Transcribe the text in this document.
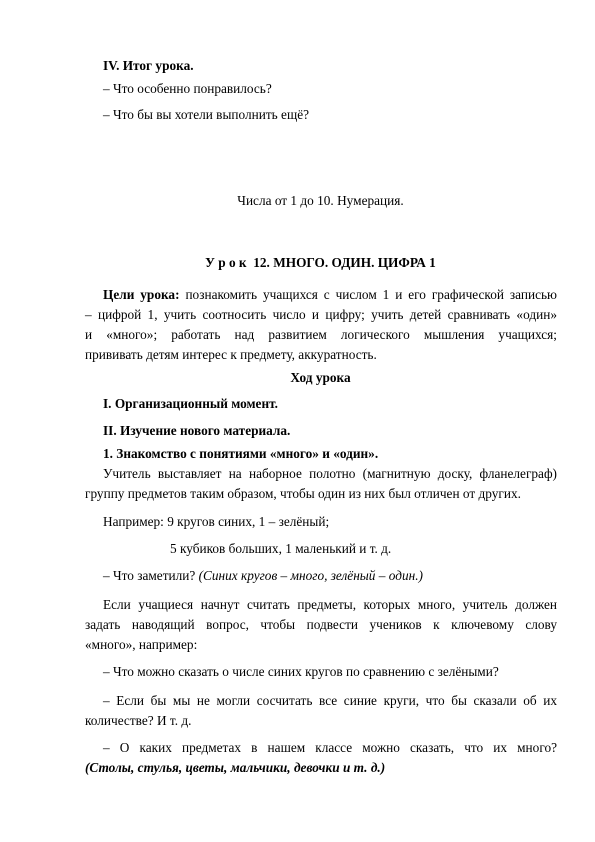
IV. Итог урока.
– Что особенно понравилось?
– Что бы вы хотели выполнить ещё?
Числа от 1 до 10. Нумерация.
У р о к 12. МНОГО. ОДИН. ЦИФРА 1
Цели урока: познакомить учащихся с числом 1 и его графической записью
– цифрой 1, учить соотносить число и цифру; учить детей сравнивать «один»
и «много»; работать над развитием логического мышления учащихся;
прививать детям интерес к предмету, аккуратность.
Ход урока
I. Организационный момент.
II. Изучение нового материала.
1. Знакомство с понятиями «много» и «один».
Учитель выставляет на наборное полотно (магнитную доску, фланелеграф)
группу предметов таким образом, чтобы один из них был отличен от других.
Например: 9 кругов синих, 1 – зелёный;
5 кубиков больших, 1 маленький и т. д.
– Что заметили? (Синих кругов – много, зелёный – один.)
Если учащиеся начнут считать предметы, которых много, учитель должен
задать наводящий вопрос, чтобы подвести учеников к ключевому слову
«много», например:
– Что можно сказать о числе синих кругов по сравнению с зелёными?
– Если бы мы не могли сосчитать все синие круги, что бы сказали об их
количестве? И т. д.
– О каких предметах в нашем классе можно сказать, что их много?
(Столы, стулья, цветы, мальчики, девочки и т. д.)
